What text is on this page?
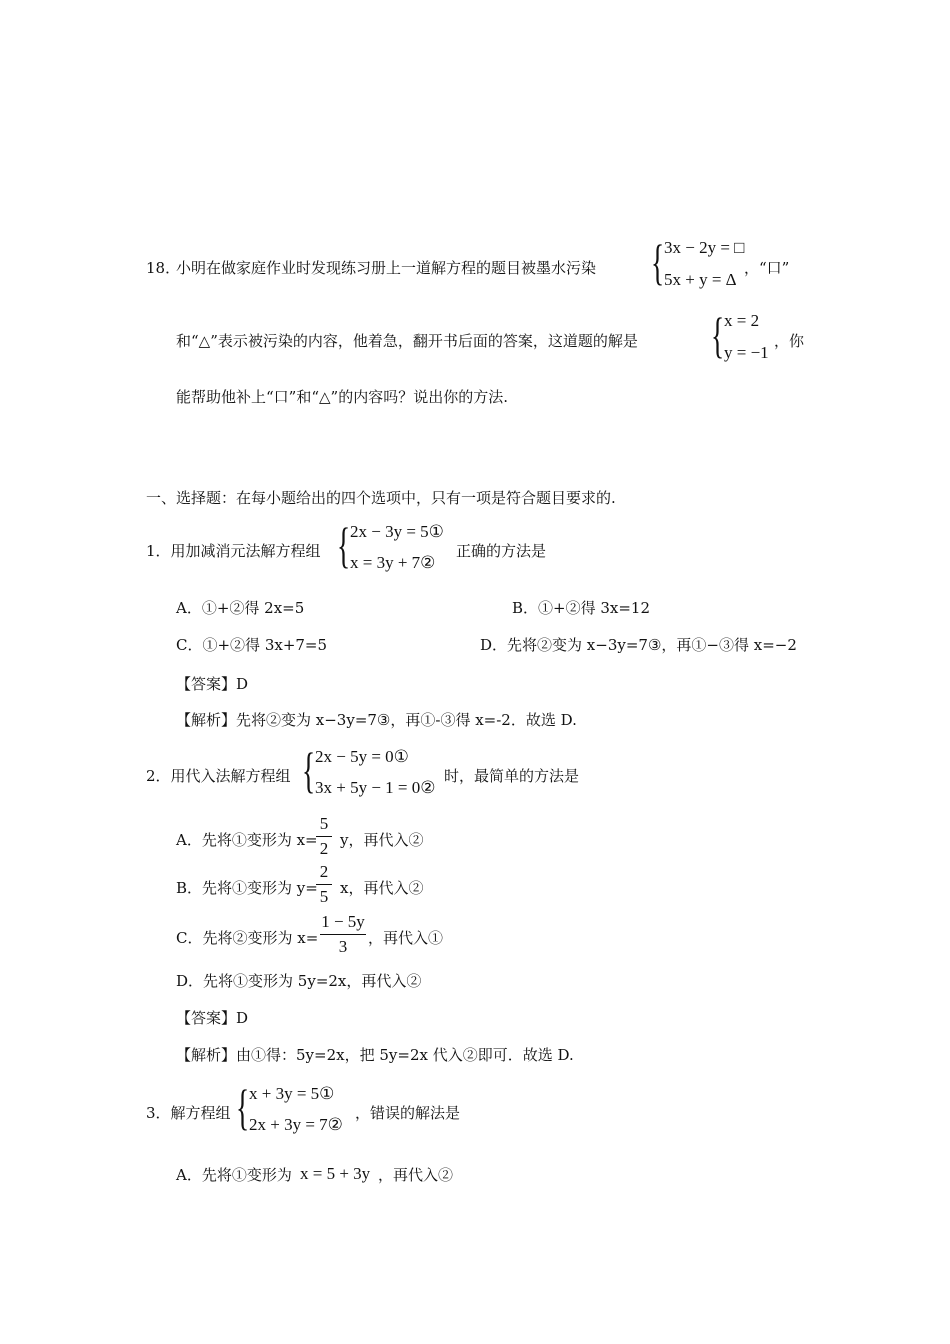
18．
小明在做家庭作业时发现练习册上一道解方程的题目被墨水污染 { 3x − 2y = □
5x + y = Δ
，“口”
和“△”表示被污染的内容，他着急，翻开书后面的答案，这道题的解是 { x = 2
y = −1
，你
能帮助他补上“口”和“△”的内容吗？说出你的方法.
一、选择题：在每小题给出的四个选项中，只有一项是符合题目要求的.
1．用加减消元法解方程组 { 2x − 3y = 5①
x = 3y + 7②
正确的方法是
A．①+②得 2x=5	B．①+②得 3x=12
C．①+②得 3x+7=5	D．先将②变为 x−3y=7③，再①−③得 x=−2
【答案】D
【解析】先将②变为 x−3y=7③，再①-③得 x=-2．故选 D.
2．用代入法解方程组 { 2x − 5y = 0①
3x + 5y − 1 = 0②
时，最简单的方法是
A．先将①变形为 x=
5
2 y，再代入②
B．先将①变形为 y=
2
5 x，再代入②
C．先将②变形为 x=
1 − 5y
3	，再代入①
D．先将①变形为 5y=2x，再代入②
【答案】D
【解析】由①得：5y=2x，把 5y=2x 代入②即可．故选 D.
3．解方程组 { x + 3y = 5①
2x + 3y = 7②
，错误的解法是
A．先将①变形为 x = 5 + 3y ，再代入②
